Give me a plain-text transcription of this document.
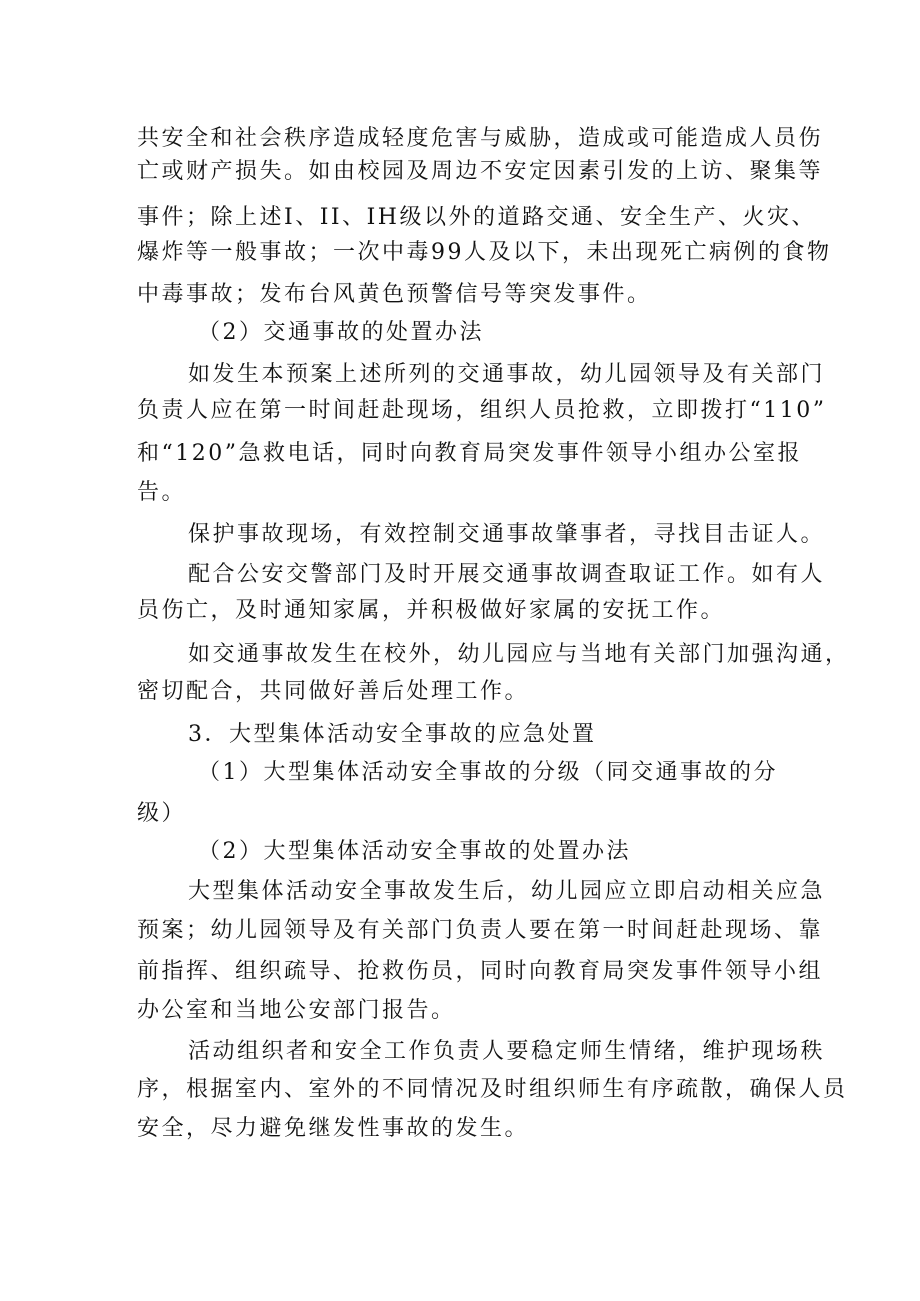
共安全和社会秩序造成轻度危害与威胁，造成或可能造成人员伤
亡或财产损失。如由校园及周边不安定因素引发的上访、聚集等
事件；除上述I、II、IH级以外的道路交通、安全生产、火灾、
爆炸等一般事故；一次中毒99人及以下，未出现死亡病例的食物
中毒事故；发布台风黄色预警信号等突发事件。
（2）交通事故的处置办法
如发生本预案上述所列的交通事故，幼儿园领导及有关部门
负责人应在第一时间赶赴现场，组织人员抢救，立即拨打“110”
和“120”急救电话，同时向教育局突发事件领导小组办公室报
告。
保护事故现场，有效控制交通事故肇事者，寻找目击证人。
配合公安交警部门及时开展交通事故调查取证工作。如有人
员伤亡，及时通知家属，并积极做好家属的安抚工作。
如交通事故发生在校外，幼儿园应与当地有关部门加强沟通，
密切配合，共同做好善后处理工作。
3．大型集体活动安全事故的应急处置
（1）大型集体活动安全事故的分级（同交通事故的分
级）
（2）大型集体活动安全事故的处置办法
大型集体活动安全事故发生后，幼儿园应立即启动相关应急
预案；幼儿园领导及有关部门负责人要在第一时间赶赴现场、靠
前指挥、组织疏导、抢救伤员，同时向教育局突发事件领导小组
办公室和当地公安部门报告。
活动组织者和安全工作负责人要稳定师生情绪，维护现场秩
序，根据室内、室外的不同情况及时组织师生有序疏散，确保人员
安全，尽力避免继发性事故的发生。
